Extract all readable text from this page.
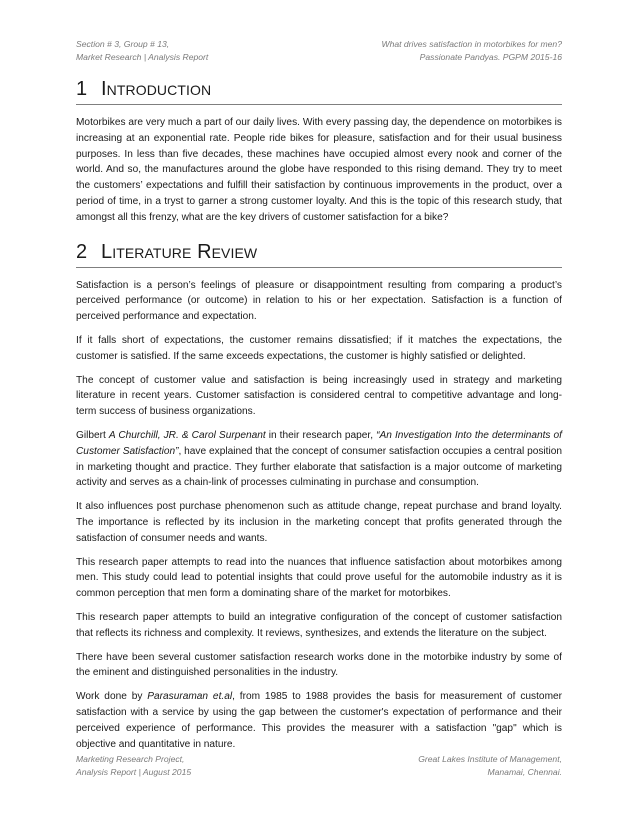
Section # 3, Group # 13,
Market Research | Analysis Report
What drives satisfaction in motorbikes for men?
Passionate Pandyas. PGPM 2015-16
1 Introduction

Motorbikes are very much a part of our daily lives. With every passing day, the dependence on motorbikes is increasing at an exponential rate. People ride bikes for pleasure, satisfaction and for their usual business purposes. In less than five decades, these machines have occupied almost every nook and corner of the world. And so, the manufactures around the globe have responded to this rising demand. They try to meet the customers’ expectations and fulfill their satisfaction by continuous improvements in the product, over a period of time, in a tryst to garner a strong customer loyalty. And this is the topic of this research study, that amongst all this frenzy, what are the key drivers of customer satisfaction for a bike?

2 Literature Review

Satisfaction is a person’s feelings of pleasure or disappointment resulting from comparing a product’s perceived performance (or outcome) in relation to his or her expectation. Satisfaction is a function of perceived performance and expectation.

If it falls short of expectations, the customer remains dissatisfied; if it matches the expectations, the customer is satisfied. If the same exceeds expectations, the customer is highly satisfied or delighted.

The concept of customer value and satisfaction is being increasingly used in strategy and marketing literature in recent years. Customer satisfaction is considered central to competitive advantage and long-term success of business organizations.

Gilbert A Churchill, JR. & Carol Surpenant in their research paper, “An Investigation Into the determinants of Customer Satisfaction”, have explained that the concept of consumer satisfaction occupies a central position in marketing thought and practice. They further elaborate that satisfaction is a major outcome of marketing activity and serves as a chain-link of processes culminating in purchase and consumption.

It also influences post purchase phenomenon such as attitude change, repeat purchase and brand loyalty. The importance is reflected by its inclusion in the marketing concept that profits generated through the satisfaction of consumer needs and wants.

This research paper attempts to read into the nuances that influence satisfaction about motorbikes among men. This study could lead to potential insights that could prove useful for the automobile industry as it is common perception that men form a dominating share of the market for motorbikes.

This research paper attempts to build an integrative configuration of the concept of customer satisfaction that reflects its richness and complexity. It reviews, synthesizes, and extends the literature on the subject.

There have been several customer satisfaction research works done in the motorbike industry by some of the eminent and distinguished personalities in the industry.

Work done by Parasuraman et.al, from 1985 to 1988 provides the basis for measurement of customer satisfaction with a service by using the gap between the customer's expectation of performance and their perceived experience of performance. This provides the measurer with a satisfaction "gap" which is objective and quantitative in nature.

Marketing Research Project,
Analysis Report | August 2015
Great Lakes Institute of Management,
Manamai, Chennai.
